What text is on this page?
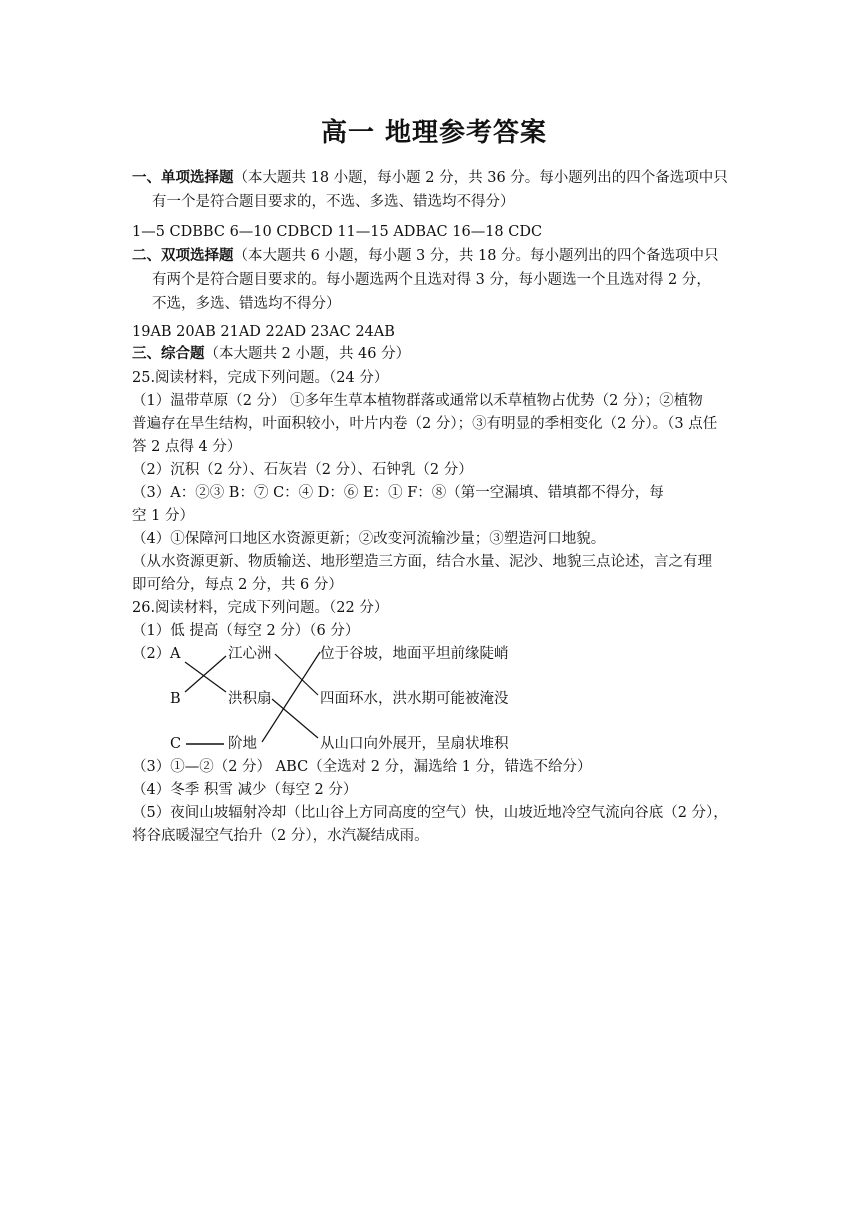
高一 地理参考答案
一、单项选择题（本大题共 18 小题，每小题 2 分，共 36 分。每小题列出的四个备选项中只
有一个是符合题目要求的，不选、多选、错选均不得分）
1—5 CDBBC 6—10 CDBCD 11—15 ADBAC 16—18 CDC
二、双项选择题（本大题共 6 小题，每小题 3 分，共 18 分。每小题列出的四个备选项中只
有两个是符合题目要求的。每小题选两个且选对得 3 分，每小题选一个且选对得 2 分，
不选，多选、错选均不得分）
19AB 20AB 21AD 22AD 23AC 24AB
三、综合题（本大题共 2 小题，共 46 分）
25.阅读材料，完成下列问题。（24 分）
（1）温带草原（2 分） ①多年生草本植物群落或通常以禾草植物占优势（2 分）；②植物
普遍存在旱生结构，叶面积较小，叶片内卷（2 分）；③有明显的季相变化（2 分）。（3 点任
答 2 点得 4 分）
（2）沉积（2 分）、石灰岩（2 分）、石钟乳（2 分）
（3）A：②③ B：⑦ C：④ D：⑥ E：① F：⑧（第一空漏填、错填都不得分，每
空 1 分）
（4）①保障河口地区水资源更新；②改变河流输沙量；③塑造河口地貌。
（从水资源更新、物质输送、地形塑造三方面，结合水量、泥沙、地貌三点论述，言之有理
即可给分，每点 2 分，共 6 分）
26.阅读材料，完成下列问题。（22 分）
（1）低 提高（每空 2 分）（6 分）
（2） A
B
C
江心洲
洪积扇
阶地
位于谷坡，地面平坦前缘陡峭
四面环水，洪水期可能被淹没
从山口向外展开，呈扇状堆积
（3）①—②（2 分） ABC（全选对 2 分，漏选给 1 分，错选不给分）
（4）冬季 积雪 减少（每空 2 分）
（5）夜间山坡辐射冷却（比山谷上方同高度的空气）快，山坡近地冷空气流向谷底（2 分），
将谷底暖湿空气抬升（2 分），水汽凝结成雨。
